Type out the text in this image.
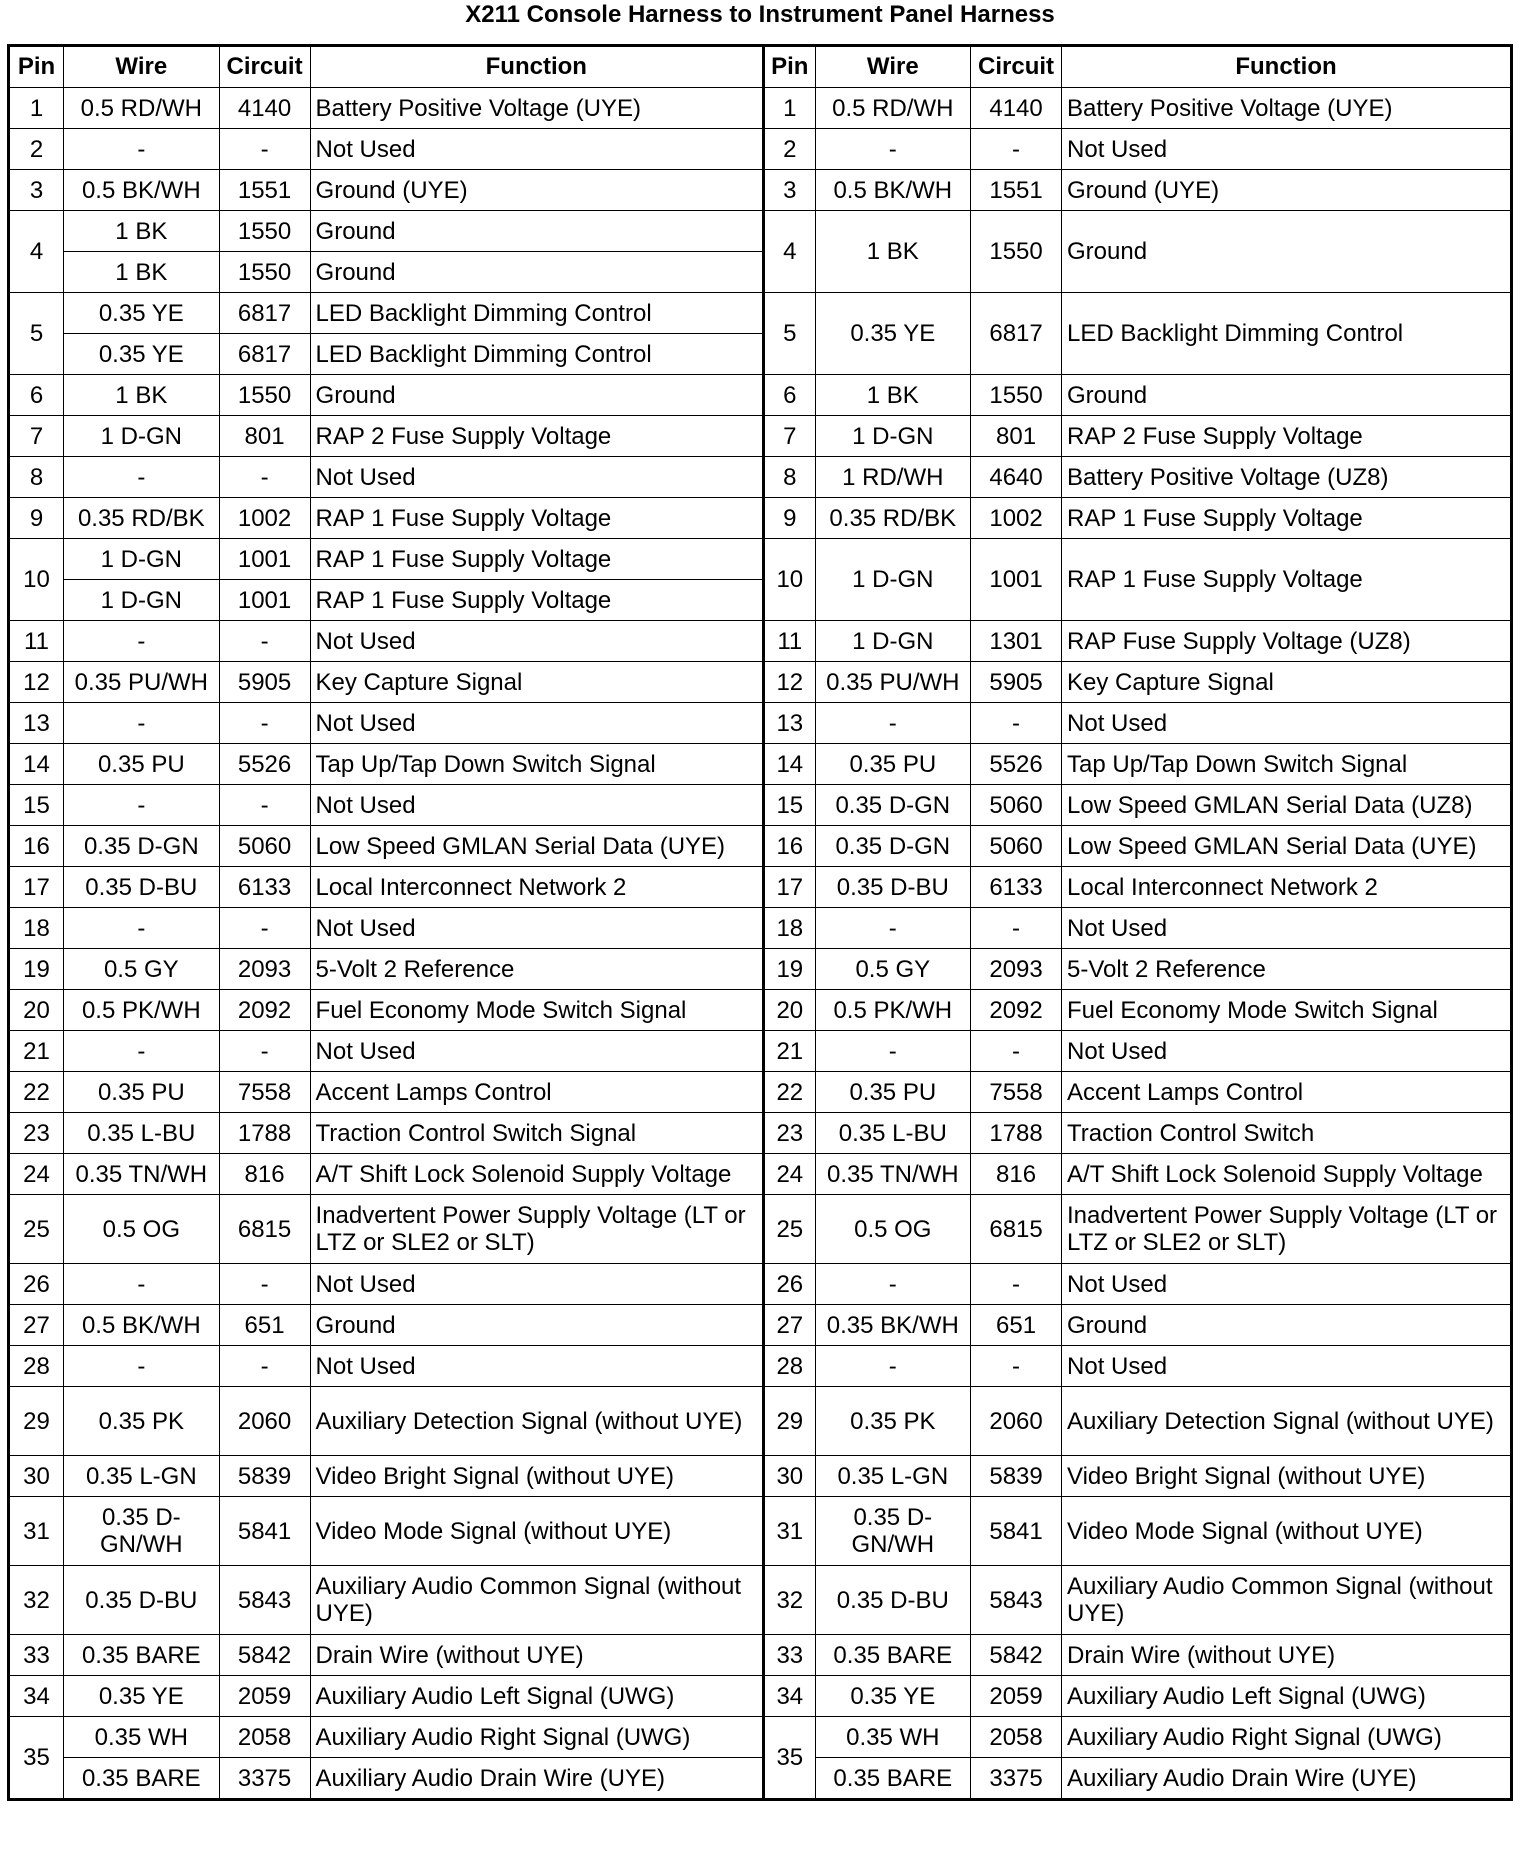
X211 Console Harness to Instrument Panel Harness
Pin	Wire	Circuit	Function	Pin	Wire	Circuit	Function
1	0.5 RD/WH	4140	Battery Positive Voltage (UYE)	1	0.5 RD/WH	4140	Battery Positive Voltage (UYE)
2	-	-	Not Used	2	-	-	Not Used
3	0.5 BK/WH	1551	Ground (UYE)	3	0.5 BK/WH	1551	Ground (UYE)
4	1 BK	1550	Ground	4	1 BK	1550	Ground
	1 BK	1550	Ground				
5	0.35 YE	6817	LED Backlight Dimming Control	5	0.35 YE	6817	LED Backlight Dimming Control
	0.35 YE	6817	LED Backlight Dimming Control				
6	1 BK	1550	Ground	6	1 BK	1550	Ground
7	1 D-GN	801	RAP 2 Fuse Supply Voltage	7	1 D-GN	801	RAP 2 Fuse Supply Voltage
8	-	-	Not Used	8	1 RD/WH	4640	Battery Positive Voltage (UZ8)
9	0.35 RD/BK	1002	RAP 1 Fuse Supply Voltage	9	0.35 RD/BK	1002	RAP 1 Fuse Supply Voltage
10	1 D-GN	1001	RAP 1 Fuse Supply Voltage	10	1 D-GN	1001	RAP 1 Fuse Supply Voltage
	1 D-GN	1001	RAP 1 Fuse Supply Voltage				
11	-	-	Not Used	11	1 D-GN	1301	RAP Fuse Supply Voltage (UZ8)
12	0.35 PU/WH	5905	Key Capture Signal	12	0.35 PU/WH	5905	Key Capture Signal
13	-	-	Not Used	13	-	-	Not Used
14	0.35 PU	5526	Tap Up/Tap Down Switch Signal	14	0.35 PU	5526	Tap Up/Tap Down Switch Signal
15	-	-	Not Used	15	0.35 D-GN	5060	Low Speed GMLAN Serial Data (UZ8)
16	0.35 D-GN	5060	Low Speed GMLAN Serial Data (UYE)	16	0.35 D-GN	5060	Low Speed GMLAN Serial Data (UYE)
17	0.35 D-BU	6133	Local Interconnect Network 2	17	0.35 D-BU	6133	Local Interconnect Network 2
18	-	-	Not Used	18	-	-	Not Used
19	0.5 GY	2093	5-Volt 2 Reference	19	0.5 GY	2093	5-Volt 2 Reference
20	0.5 PK/WH	2092	Fuel Economy Mode Switch Signal	20	0.5 PK/WH	2092	Fuel Economy Mode Switch Signal
21	-	-	Not Used	21	-	-	Not Used
22	0.35 PU	7558	Accent Lamps Control	22	0.35 PU	7558	Accent Lamps Control
23	0.35 L-BU	1788	Traction Control Switch Signal	23	0.35 L-BU	1788	Traction Control Switch
24	0.35 TN/WH	816	A/T Shift Lock Solenoid Supply Voltage	24	0.35 TN/WH	816	A/T Shift Lock Solenoid Supply Voltage
25	0.5 OG	6815	Inadvertent Power Supply Voltage (LT or LTZ or SLE2 or SLT)	25	0.5 OG	6815	Inadvertent Power Supply Voltage (LT or LTZ or SLE2 or SLT)
26	-	-	Not Used	26	-	-	Not Used
27	0.5 BK/WH	651	Ground	27	0.35 BK/WH	651	Ground
28	-	-	Not Used	28	-	-	Not Used
29	0.35 PK	2060	Auxiliary Detection Signal (without UYE)	29	0.35 PK	2060	Auxiliary Detection Signal (without UYE)
30	0.35 L-GN	5839	Video Bright Signal (without UYE)	30	0.35 L-GN	5839	Video Bright Signal (without UYE)
31	0.35 D-GN/WH	5841	Video Mode Signal (without UYE)	31	0.35 D-GN/WH	5841	Video Mode Signal (without UYE)
32	0.35 D-BU	5843	Auxiliary Audio Common Signal (without UYE)	32	0.35 D-BU	5843	Auxiliary Audio Common Signal (without UYE)
33	0.35 BARE	5842	Drain Wire (without UYE)	33	0.35 BARE	5842	Drain Wire (without UYE)
34	0.35 YE	2059	Auxiliary Audio Left Signal (UWG)	34	0.35 YE	2059	Auxiliary Audio Left Signal (UWG)
35	0.35 WH	2058	Auxiliary Audio Right Signal (UWG)	35	0.35 WH	2058	Auxiliary Audio Right Signal (UWG)
	0.35 BARE	3375	Auxiliary Audio Drain Wire (UYE)		0.35 BARE	3375	Auxiliary Audio Drain Wire (UYE)
